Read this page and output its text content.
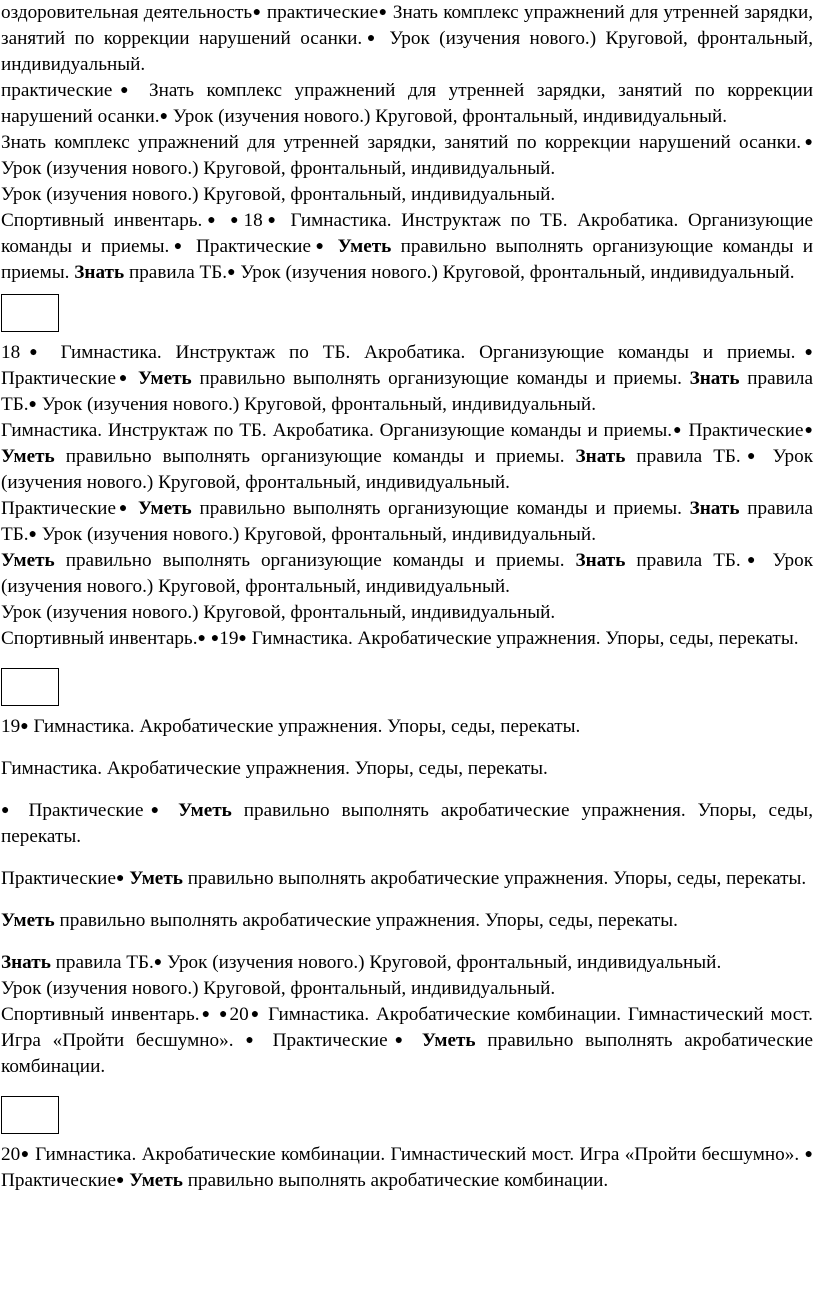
оздоровительная деятельность● практические● Знать комплекс упражнений для утренней зарядки, занятий по коррекции нарушений осанки.● Урок (изучения нового.) Круговой, фронтальный, индивидуальный.

практические● Знать комплекс упражнений для утренней зарядки, занятий по коррекции нарушений осанки.● Урок (изучения нового.) Круговой, фронтальный, индивидуальный.

Знать комплекс упражнений для утренней зарядки, занятий по коррекции нарушений осанки.● Урок (изучения нового.) Круговой, фронтальный, индивидуальный.

Урок (изучения нового.) Круговой, фронтальный, индивидуальный.

Спортивный инвентарь.● ●18● Гимнастика. Инструктаж по ТБ. Акробатика. Организующие команды и приемы.● Практические● Уметь правильно выполнять организующие команды и приемы. Знать правила ТБ.● Урок (изучения нового.) Круговой, фронтальный, индивидуальный.

18● Гимнастика. Инструктаж по ТБ. Акробатика. Организующие команды и приемы.● Практические● Уметь правильно выполнять организующие команды и приемы. Знать правила ТБ.● Урок (изучения нового.) Круговой, фронтальный, индивидуальный.

Гимнастика. Инструктаж по ТБ. Акробатика. Организующие команды и приемы.● Практические● Уметь правильно выполнять организующие команды и приемы. Знать правила ТБ.● Урок (изучения нового.) Круговой, фронтальный, индивидуальный.

Практические● Уметь правильно выполнять организующие команды и приемы. Знать правила ТБ.● Урок (изучения нового.) Круговой, фронтальный, индивидуальный.

Уметь правильно выполнять организующие команды и приемы. Знать правила ТБ.● Урок (изучения нового.) Круговой, фронтальный, индивидуальный.

Урок (изучения нового.) Круговой, фронтальный, индивидуальный.

Спортивный инвентарь.● ●19● Гимнастика. Акробатические упражнения. Упоры, седы, перекаты.

19● Гимнастика. Акробатические упражнения. Упоры, седы, перекаты.

Гимнастика. Акробатические упражнения. Упоры, седы, перекаты.

● Практические● Уметь правильно выполнять акробатические упражнения. Упоры, седы, перекаты.

Практические● Уметь правильно выполнять акробатические упражнения. Упоры, седы, перекаты.

Уметь правильно выполнять акробатические упражнения. Упоры, седы, перекаты.

Знать правила ТБ.● Урок (изучения нового.) Круговой, фронтальный, индивидуальный.

Урок (изучения нового.) Круговой, фронтальный, индивидуальный.

Спортивный инвентарь.● ●20● Гимнастика. Акробатические комбинации. Гимнастический мост. Игра «Пройти бесшумно». ● Практические● Уметь правильно выполнять акробатические комбинации.

20● Гимнастика. Акробатические комбинации. Гимнастический мост. Игра «Пройти бесшумно». ● Практические● Уметь правильно выполнять акробатические комбинации.
